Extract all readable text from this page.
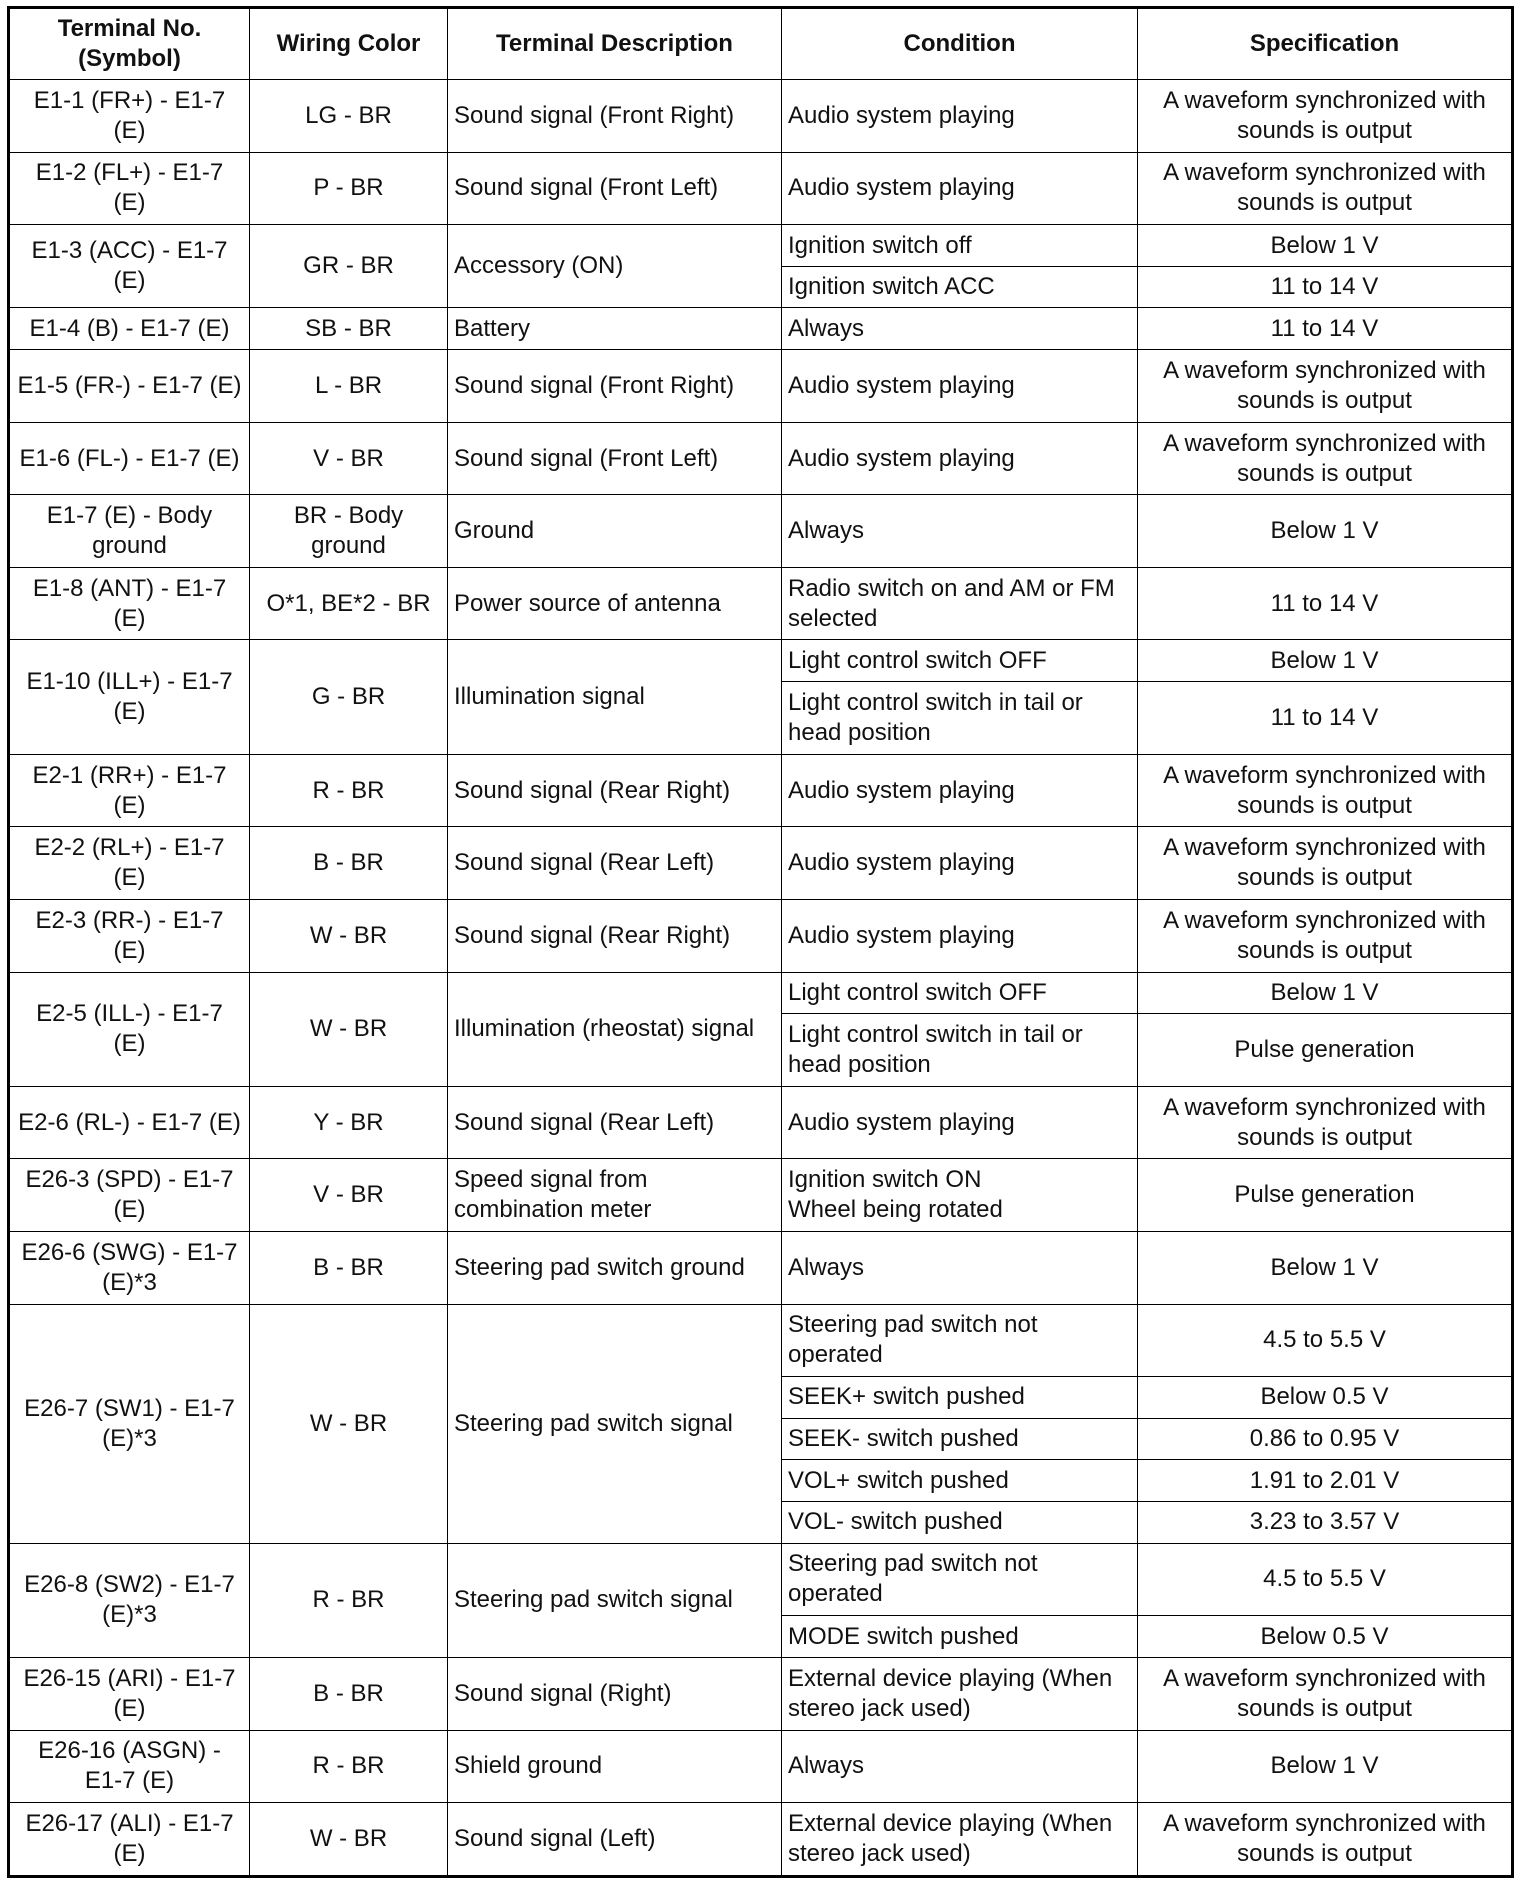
Terminal No.
(Symbol)	Wiring Color	Terminal Description	Condition	Specification
E1-1 (FR+) - E1-7
(E)	LG - BR	Sound signal (Front Right)	Audio system playing	A waveform synchronized with
sounds is output
E1-2 (FL+) - E1-7
(E)	P - BR	Sound signal (Front Left)	Audio system playing	A waveform synchronized with
sounds is output
E1-3 (ACC) - E1-7
(E)	GR - BR	Accessory (ON)	Ignition switch off	Below 1 V
			Ignition switch ACC	11 to 14 V
E1-4 (B) - E1-7 (E)	SB - BR	Battery	Always	11 to 14 V
E1-5 (FR-) - E1-7 (E)	L - BR	Sound signal (Front Right)	Audio system playing	A waveform synchronized with
sounds is output
E1-6 (FL-) - E1-7 (E)	V - BR	Sound signal (Front Left)	Audio system playing	A waveform synchronized with
sounds is output
E1-7 (E) - Body
ground	BR - Body
ground	Ground	Always	Below 1 V
E1-8 (ANT) - E1-7
(E)	O*1, BE*2 - BR	Power source of antenna	Radio switch on and AM or FM
selected	11 to 14 V
E1-10 (ILL+) - E1-7
(E)	G - BR	Illumination signal	Light control switch OFF	Below 1 V
			Light control switch in tail or
head position	11 to 14 V
E2-1 (RR+) - E1-7
(E)	R - BR	Sound signal (Rear Right)	Audio system playing	A waveform synchronized with
sounds is output
E2-2 (RL+) - E1-7
(E)	B - BR	Sound signal (Rear Left)	Audio system playing	A waveform synchronized with
sounds is output
E2-3 (RR-) - E1-7
(E)	W - BR	Sound signal (Rear Right)	Audio system playing	A waveform synchronized with
sounds is output
E2-5 (ILL-) - E1-7
(E)	W - BR	Illumination (rheostat) signal	Light control switch OFF	Below 1 V
			Light control switch in tail or
head position	Pulse generation
E2-6 (RL-) - E1-7 (E)	Y - BR	Sound signal (Rear Left)	Audio system playing	A waveform synchronized with
sounds is output
E26-3 (SPD) - E1-7
(E)	V - BR	Speed signal from
combination meter	Ignition switch ON
Wheel being rotated	Pulse generation
E26-6 (SWG) - E1-7
(E)*3	B - BR	Steering pad switch ground	Always	Below 1 V
E26-7 (SW1) - E1-7
(E)*3	W - BR	Steering pad switch signal	Steering pad switch not
operated	4.5 to 5.5 V
			SEEK+ switch pushed	Below 0.5 V
			SEEK- switch pushed	0.86 to 0.95 V
			VOL+ switch pushed	1.91 to 2.01 V
			VOL- switch pushed	3.23 to 3.57 V
E26-8 (SW2) - E1-7
(E)*3	R - BR	Steering pad switch signal	Steering pad switch not
operated	4.5 to 5.5 V
			MODE switch pushed	Below 0.5 V
E26-15 (ARI) - E1-7
(E)	B - BR	Sound signal (Right)	External device playing (When
stereo jack used)	A waveform synchronized with
sounds is output
E26-16 (ASGN) -
E1-7 (E)	R - BR	Shield ground	Always	Below 1 V
E26-17 (ALI) - E1-7
(E)	W - BR	Sound signal (Left)	External device playing (When
stereo jack used)	A waveform synchronized with
sounds is output
